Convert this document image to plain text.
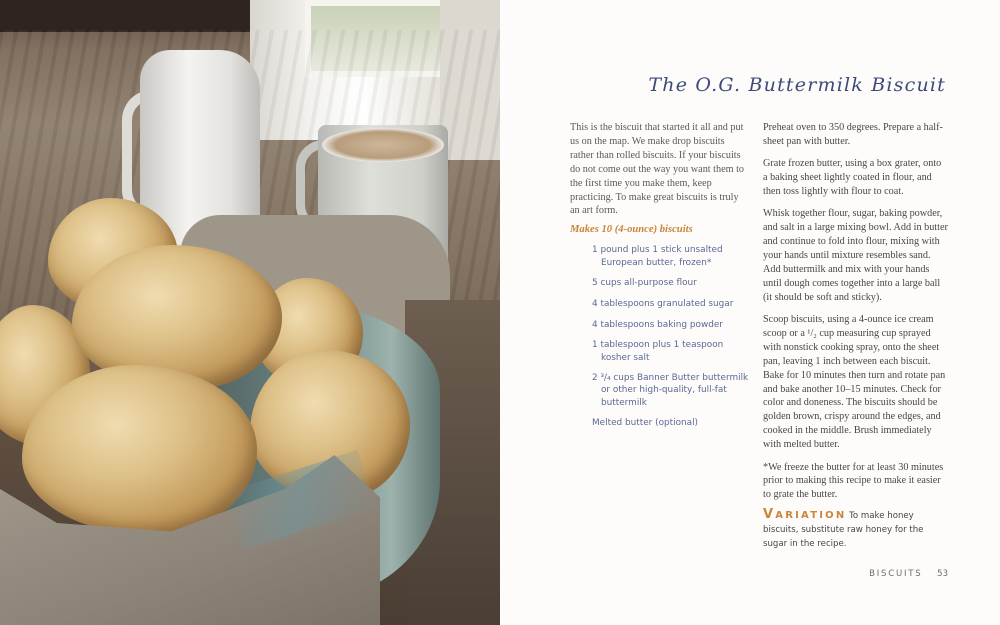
The O.G. Buttermilk Biscuit

This is the biscuit that started it all and put us on the map. We make drop biscuits rather than rolled biscuits. If your biscuits do not come out the way you want them to the first time you make them, keep practicing. To make great biscuits is truly an art form.

Makes 10 (4-ounce) biscuits

1 pound plus 1 stick unsalted European butter, frozen*
5 cups all-purpose flour
4 tablespoons granulated sugar
4 tablespoons baking powder
1 tablespoon plus 1 teaspoon kosher salt
2 ³/₄ cups Banner Butter buttermilk or other high-quality, full-fat buttermilk
Melted butter (optional)

Preheat oven to 350 degrees. Prepare a half-sheet pan with butter.

Grate frozen butter, using a box grater, onto a baking sheet lightly coated in flour, and then toss lightly with flour to coat.

Whisk together flour, sugar, baking powder, and salt in a large mixing bowl. Add in butter and continue to fold into flour, mixing with your hands until mixture resembles sand. Add buttermilk and mix with your hands until dough comes together into a large ball (it should be soft and sticky).

Scoop biscuits, using a 4-ounce ice cream scoop or a ¹/₂ cup measuring cup sprayed with nonstick cooking spray, onto the sheet pan, leaving 1 inch between each biscuit. Bake for 10 minutes then turn and rotate pan and bake another 10–15 minutes. Check for color and doneness. The biscuits should be golden brown, crispy around the edges, and cooked in the middle. Brush immediately with melted butter.

*We freeze the butter for at least 30 minutes prior to making this recipe to make it easier to grate the butter.

VARIATION To make honey biscuits, substitute raw honey for the sugar in the recipe.

BISCUITS 53
